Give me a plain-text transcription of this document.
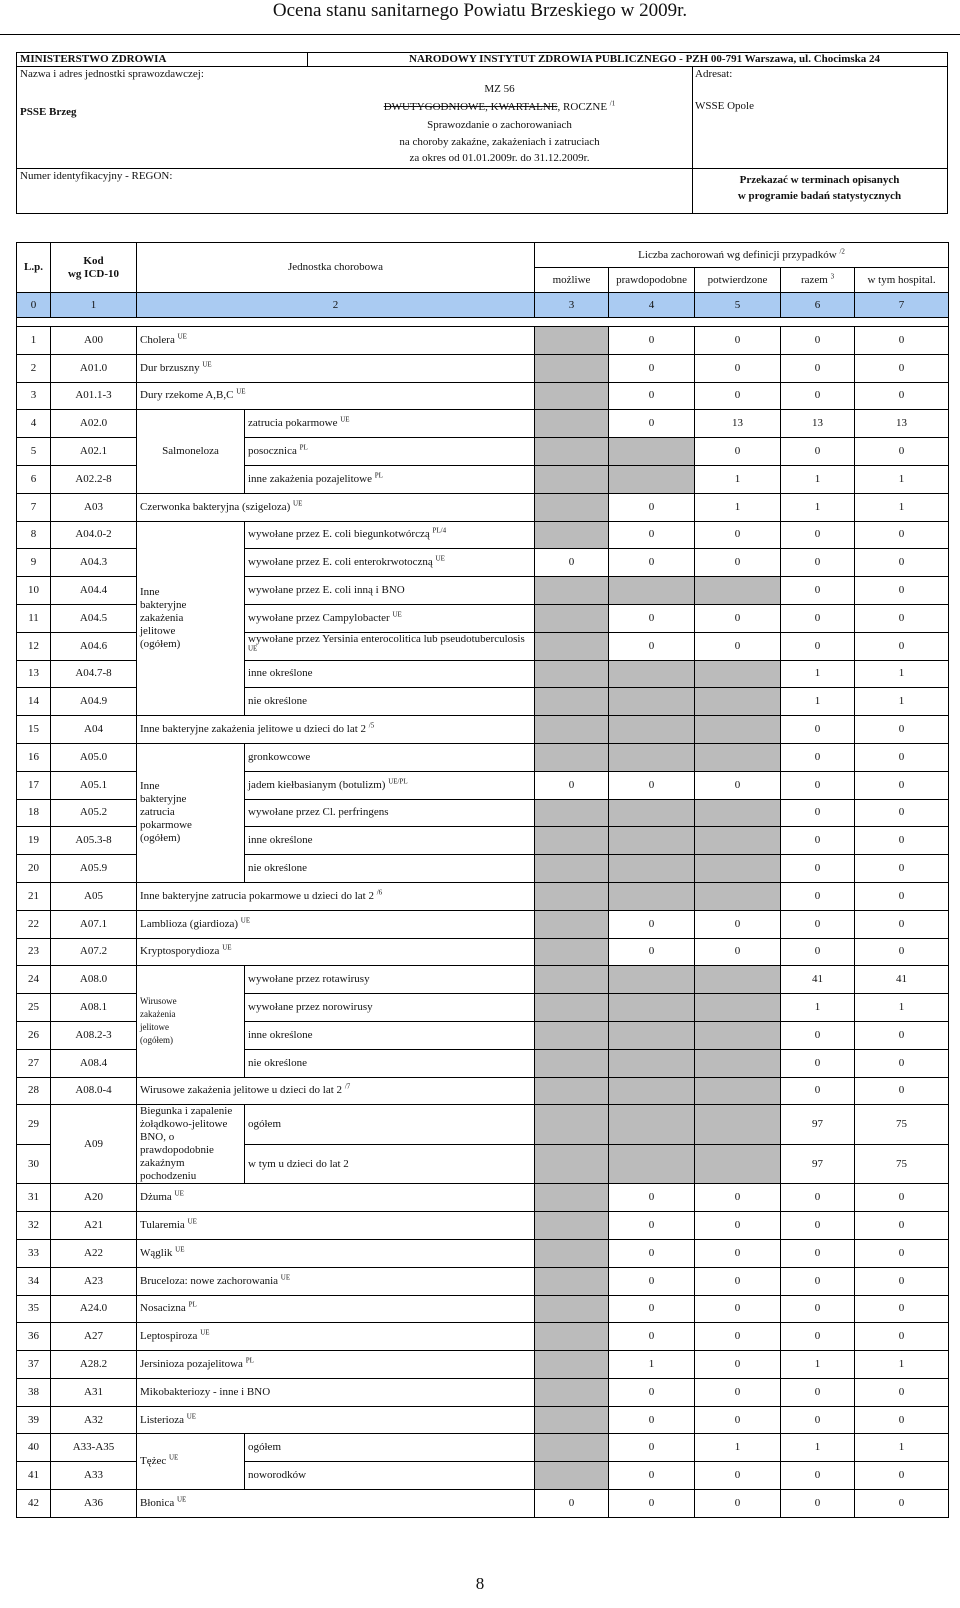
Ocena stanu sanitarnego Powiatu Brzeskiego w 2009r.
MINISTERSTWO ZDROWIA	NARODOWY INSTYTUT ZDROWIA PUBLICZNEGO - PZH 00-791 Warszawa, ul. Chocimska 24
Nazwa i adres jednostki sprawozdawczej:
PSSE Brzeg
MZ 56
DWUTYGODNIOWE, KWARTALNE, ROCZNE $^{/1}$
Sprawozdanie o zachorowaniach
na choroby zakaźne, zakażeniach i zatruciach
za okres od 01.01.2009r. do 31.12.2009r.
Adresat:
WSSE Opole
Numer identyfikacyjny - REGON:	Przekazać w terminach opisanych
w programie badań statystycznych
L.p.	Kod
wg ICD-10	Jednostka chorobowa		Liczba zachorowań wg definicji przypadków $^{/2}$
				możliwe	prawdopodobne	potwierdzone	razem $^3$	w tym hospital.
0	1	2		3	4	5	6	7

1	A00	Cholera $^{UE}$			0	0	0	0
2	A01.0	Dur brzuszny $^{UE}$			0	0	0	0
3	A01.1-3	Dury rzekome A,B,C $^{UE}$			0	0	0	0
4	A02.0	Salmoneloza	zatrucia pokarmowe $^{UE}$		0	13	13	13
5	A02.1		posocznica $^{PL}$			0	0	0
6	A02.2-8		inne zakażenia pozajelitowe $^{PL}$			1	1	1
7	A03	Czerwonka bakteryjna (szigeloza) $^{UE}$			0	1	1	1
8	A04.0-2	Inne
bakteryjne
zakażenia
jelitowe
(ogółem)	wywołane przez E. coli biegunkotwórczą $^{PL/4}$		0	0	0	0
9	A04.3		wywołane przez E. coli enterokrwotoczną $^{UE}$	0	0	0	0	0
10	A04.4		wywołane przez E. coli inną i BNO				0	0
11	A04.5		wywołane przez Campylobacter $^{UE}$		0	0	0	0
12	A04.6		wywołane przez Yersinia enterocolitica lub pseudotuberculosis $^{UE}$		0	0	0	0
13	A04.7-8		inne określone				1	1
14	A04.9		nie określone				1	1
15	A04	Inne bakteryjne zakażenia jelitowe u dzieci do lat 2 $^{/5}$					0	0
16	A05.0	Inne
bakteryjne
zatrucia
pokarmowe
(ogółem)	gronkowcowe				0	0
17	A05.1		jadem kiełbasianym (botulizm) $^{UE/PL}$	0	0	0	0	0
18	A05.2		wywołane przez Cl. perfringens				0	0
19	A05.3-8		inne określone				0	0
20	A05.9		nie określone				0	0
21	A05	Inne bakteryjne zatrucia pokarmowe u dzieci do lat 2 $^{/6}$					0	0
22	A07.1	Lamblioza (giardioza) $^{UE}$			0	0	0	0
23	A07.2	Kryptosporydioza $^{UE}$			0	0	0	0
24	A08.0	Wirusowe
zakażenia
jelitowe
(ogółem)	wywołane przez rotawirusy				41	41
25	A08.1		wywołane przez norowirusy				1	1
26	A08.2-3		inne określone				0	0
27	A08.4		nie określone				0	0
28	A08.0-4	Wirusowe zakażenia jelitowe u dzieci do lat 2 $^{/7}$					0	0
29	A09	Biegunka i zapalenie żołądkowo-jelitowe BNO, o prawdopodobnie zakaźnym pochodzeniu	ogółem				97	75
30			w tym u dzieci do lat 2				97	75
31	A20	Dżuma $^{UE}$			0	0	0	0
32	A21	Tularemia $^{UE}$			0	0	0	0
33	A22	Wąglik $^{UE}$			0	0	0	0
34	A23	Bruceloza: nowe zachorowania $^{UE}$			0	0	0	0
35	A24.0	Nosacizna $^{PL}$			0	0	0	0
36	A27	Leptospiroza $^{UE}$			0	0	0	0
37	A28.2	Jersinioza pozajelitowa $^{PL}$			1	0	1	1
38	A31	Mikobakteriozy - inne i BNO			0	0	0	0
39	A32	Listerioza $^{UE}$			0	0	0	0
40	A33-A35	Tężec $^{UE}$	ogółem		0	1	1	1
41	A33		noworodków		0	0	0	0
42	A36	Błonica $^{UE}$		0	0	0	0	0
8
